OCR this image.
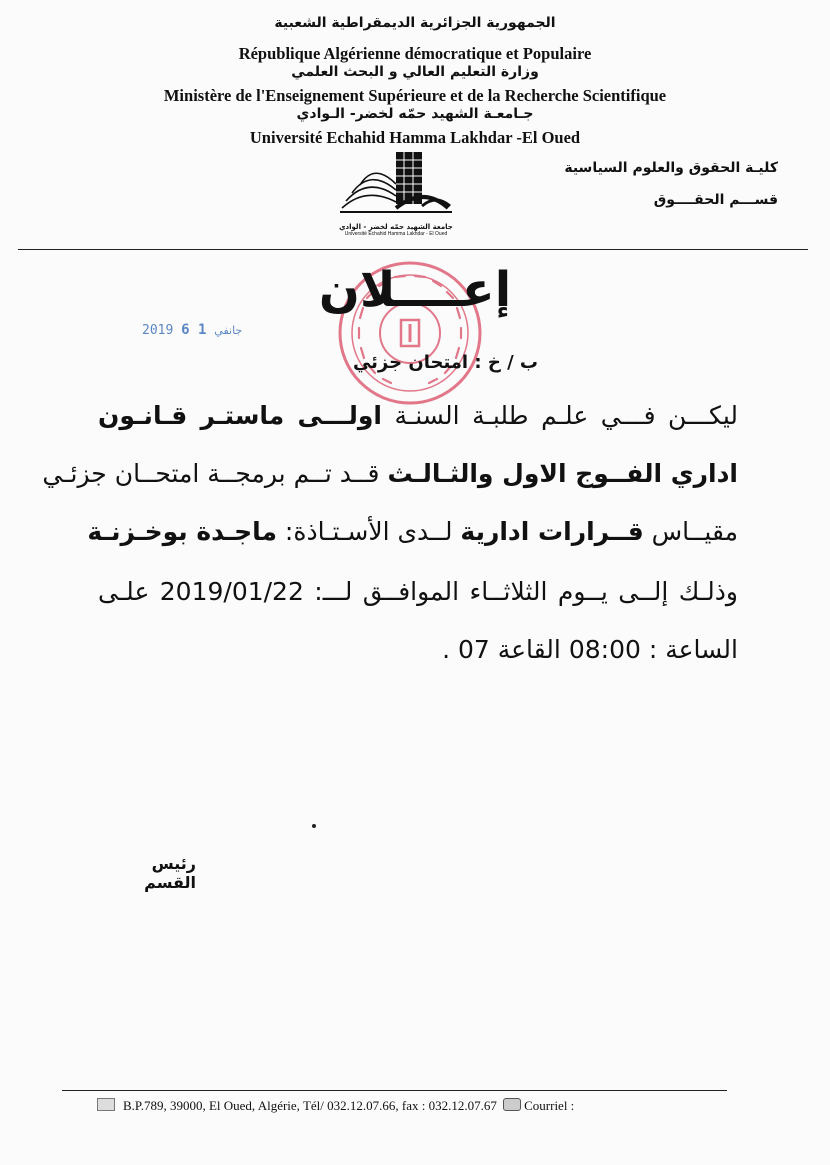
الجمهورية الجزائرية الديمقراطية الشعبية
République Algérienne démocratique et Populaire
وزارة التعليم العالي و البحث العلمي
Ministère de l'Enseignement Supérieure et de la Recherche Scientifique
جـامعـة الشهيد حمّه لخضر- الـوادي
Université Echahid Hamma Lakhdar -El Oued
كليـة الحقوق والعلوم السياسية
قســـم الحقــــوق
جامعة الشهيد حمّه لخضر - الوادي
Université Echahid Hamma Lakhdar - El Oued
2019	جانفي 1 6
إعــــلان
ب / خ : امتحان جزئي
ليكـــن فـــي علـم طلبـة السنـة اولـــى ماستـر قـانـون
اداري الفــوج الاول والثـالـث قــد تــم برمجــة امتحــان جزئـي
مقيــاس قــرارات ادارية لــدى الأسـتـاذة: ماجـدة بوخـزنـة
وذلـك إلــى يــوم الثلاثــاء الموافــق لـــ: 2019/01/22 علـى
الساعة : 08:00 القاعة 07 .
رئيس القسم
B.P.789, 39000, El Oued, Algérie, Tél/ 032.12.07.66, fax : 032.12.07.67 Courriel :
